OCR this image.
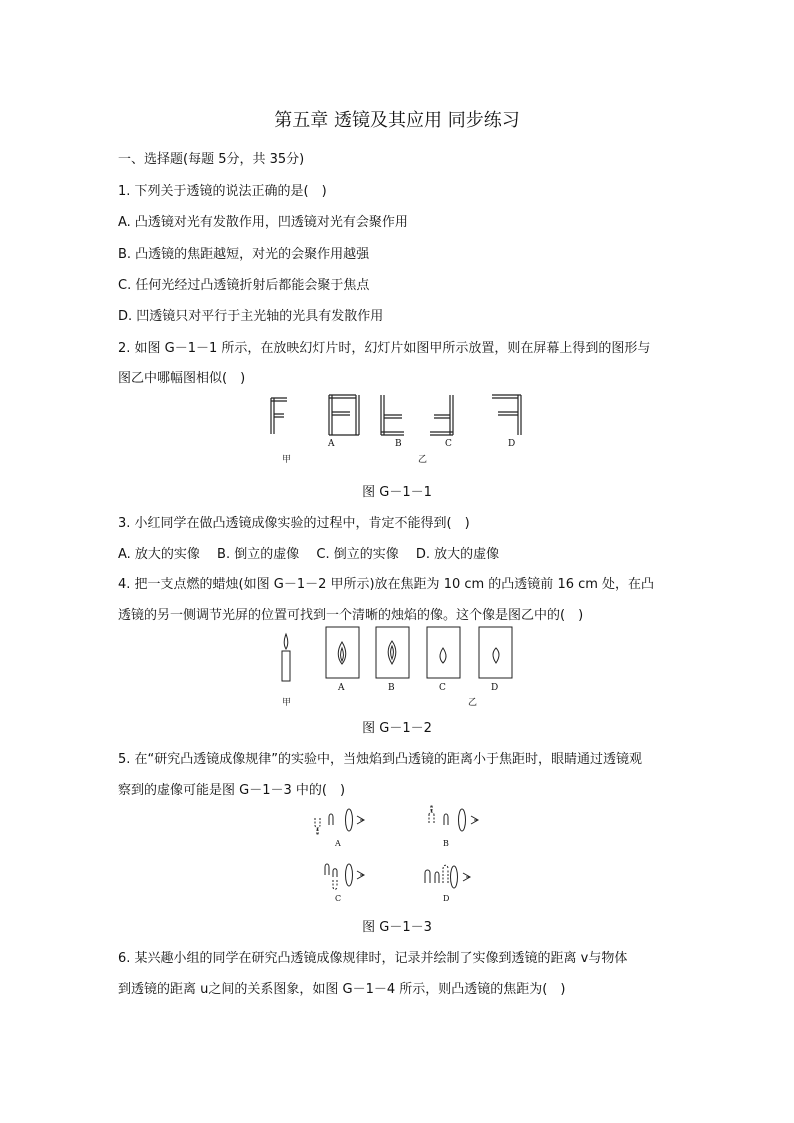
第五章 透镜及其应用 同步练习
一、选择题(每题 5分，共 35分)
1. 下列关于透镜的说法正确的是(　)
A. 凸透镜对光有发散作用，凹透镜对光有会聚作用
B. 凸透镜的焦距越短，对光的会聚作用越强
C. 任何光经过凸透镜折射后都能会聚于焦点
D. 凹透镜只对平行于主光轴的光具有发散作用
2. 如图 G－1－1 所示，在放映幻灯片时，幻灯片如图甲所示放置，则在屏幕上得到的图形与
图乙中哪幅图相似(　)
A	B	C	D
甲	乙
图 G－1－1
3. 小红同学在做凸透镜成像实验的过程中，肯定不能得到(　)
A. 放大的实像　 B. 倒立的虚像　 C. 倒立的实像　 D. 放大的虚像
4. 把一支点燃的蜡烛(如图 G－1－2 甲所示)放在焦距为 10 cm 的凸透镜前 16 cm 处，在凸
透镜的另一侧调节光屏的位置可找到一个清晰的烛焰的像。这个像是图乙中的(　)
A	B	C	D
甲	乙
图 G－1－2
5. 在“研究凸透镜成像规律”的实验中，当烛焰到凸透镜的距离小于焦距时，眼睛通过透镜观
察到的虚像可能是图 G－1－3 中的(　)
A	B
C	D
图 G－1－3
6. 某兴趣小组的同学在研究凸透镜成像规律时，记录并绘制了实像到透镜的距离 v与物体
到透镜的距离 u之间的关系图象，如图 G－1－4 所示，则凸透镜的焦距为(　)
